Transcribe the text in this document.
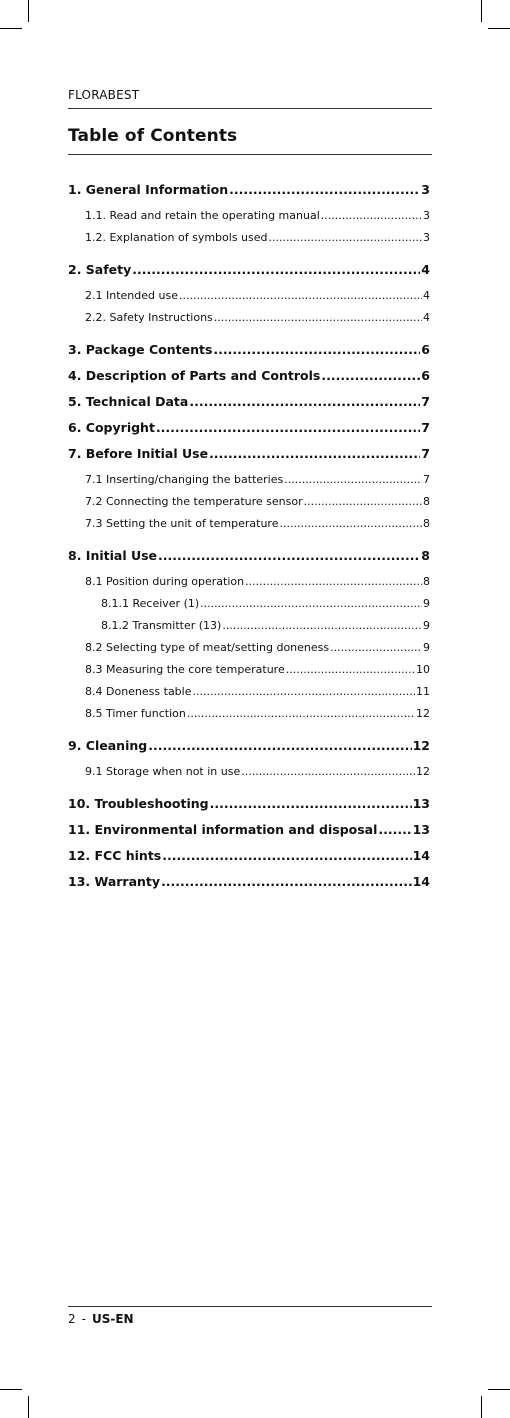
FLORABEST
Table of Contents
1. General Information .....	3
1.1. Read and retain the operating manual .....	3
1.2. Explanation of symbols used .....	3
2. Safety .....	4
2.1 Intended use .....	4
2.2. Safety Instructions .....	4
3. Package Contents .....	6
4. Description of Parts and Controls .....	6
5. Technical Data .....	7
6. Copyright .....	7
7. Before Initial Use .....	7
7.1 Inserting/changing the batteries .....	7
7.2 Connecting the temperature sensor .....	8
7.3 Setting the unit of temperature .....	8
8. Initial Use .....	8
8.1 Position during operation .....	8
8.1.1 Receiver (1) .....	9
8.1.2 Transmitter (13) .....	9
8.2 Selecting type of meat/setting doneness .....	9
8.3 Measuring the core temperature .....	10
8.4 Doneness table .....	11
8.5 Timer function .....	12
9. Cleaning .....	12
9.1 Storage when not in use .....	12
10. Troubleshooting .....	13
11. Environmental information and disposal .....	13
12. FCC hints .....	14
13. Warranty .....	14
2 - US-EN
